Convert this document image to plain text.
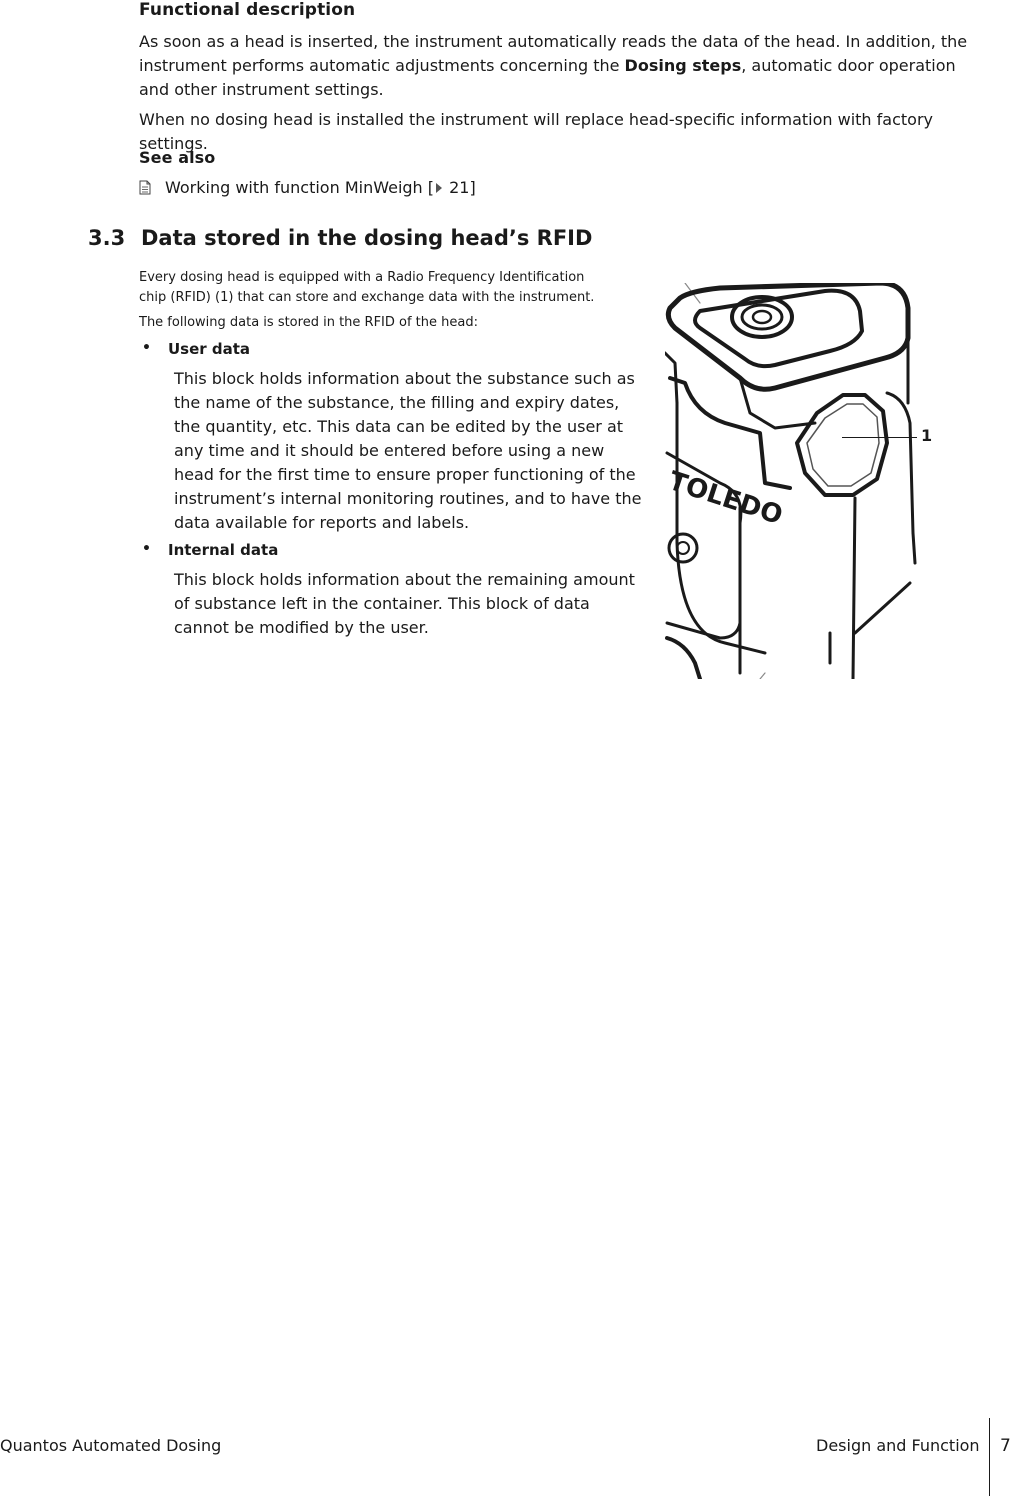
Functional description
As soon as a head is inserted, the instrument automatically reads the data of the head. In addition, the instrument performs automatic adjustments concerning the Dosing steps, automatic door operation and other instrument settings.
When no dosing head is installed the instrument will replace head-specific information with factory settings.
See also
Working with function MinWeigh [ 21]
3.3 Data stored in the dosing head’s RFID
Every dosing head is equipped with a Radio Frequency Identification chip (RFID) (1) that can store and exchange data with the instrument.
The following data is stored in the RFID of the head:
• User data
This block holds information about the substance such as the name of the substance, the filling and expiry dates, the quantity, etc. This data can be edited by the user at any time and it should be entered before using a new head for the first time to ensure proper functioning of the instrument’s internal monitoring routines, and to have the data available for reports and labels.
• Internal data
This block holds information about the remaining amount of substance left in the container. This block of data cannot be modified by the user.
TOLEDO
1
Quantos Automated Dosing	Design and Function 7
